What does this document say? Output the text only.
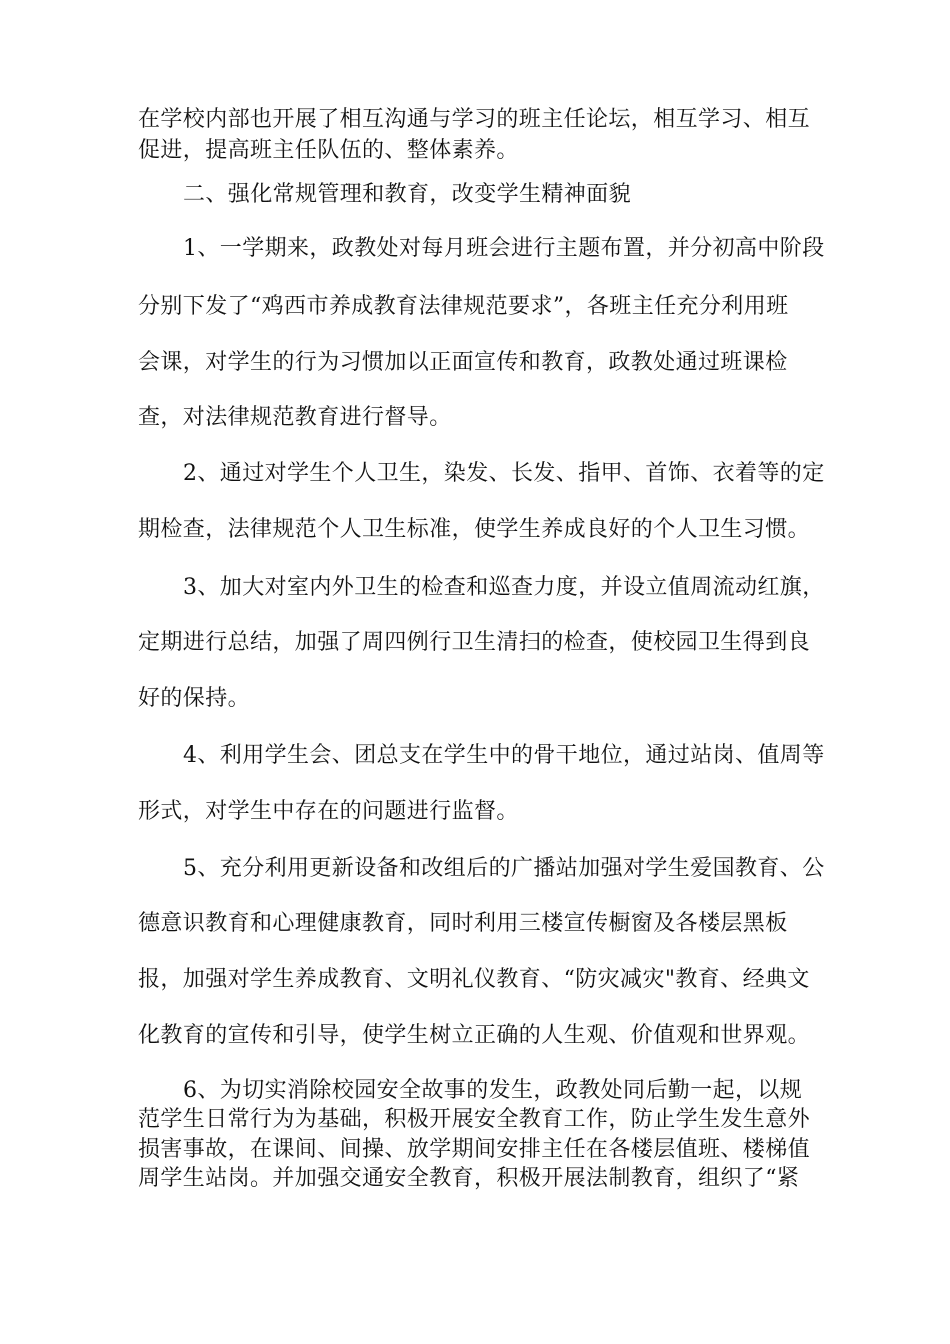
在学校内部也开展了相互沟通与学习的班主任论坛，相互学习、相互
促进，提高班主任队伍的、整体素养。
二、强化常规管理和教育，改变学生精神面貌
1、一学期来，政教处对每月班会进行主题布置，并分初高中阶段
分别下发了“鸡西市养成教育法律规范要求”，各班主任充分利用班
会课，对学生的行为习惯加以正面宣传和教育，政教处通过班课检
查，对法律规范教育进行督导。
2、通过对学生个人卫生，染发、长发、指甲、首饰、衣着等的定
期检查，法律规范个人卫生标准，使学生养成良好的个人卫生习惯。
3、加大对室内外卫生的检查和巡查力度，并设立值周流动红旗，
定期进行总结，加强了周四例行卫生清扫的检查，使校园卫生得到良
好的保持。
4、利用学生会、团总支在学生中的骨干地位，通过站岗、值周等
形式，对学生中存在的问题进行监督。
5、充分利用更新设备和改组后的广播站加强对学生爱国教育、公
德意识教育和心理健康教育，同时利用三楼宣传橱窗及各楼层黑板
报，加强对学生养成教育、文明礼仪教育、“防灾减灾"教育、经典文
化教育的宣传和引导，使学生树立正确的人生观、价值观和世界观。
6、为切实消除校园安全故事的发生，政教处同后勤一起，以规
范学生日常行为为基础，积极开展安全教育工作，防止学生发生意外
损害事故，在课间、间操、放学期间安排主任在各楼层值班、楼梯值
周学生站岗。并加强交通安全教育，积极开展法制教育，组织了“紧
